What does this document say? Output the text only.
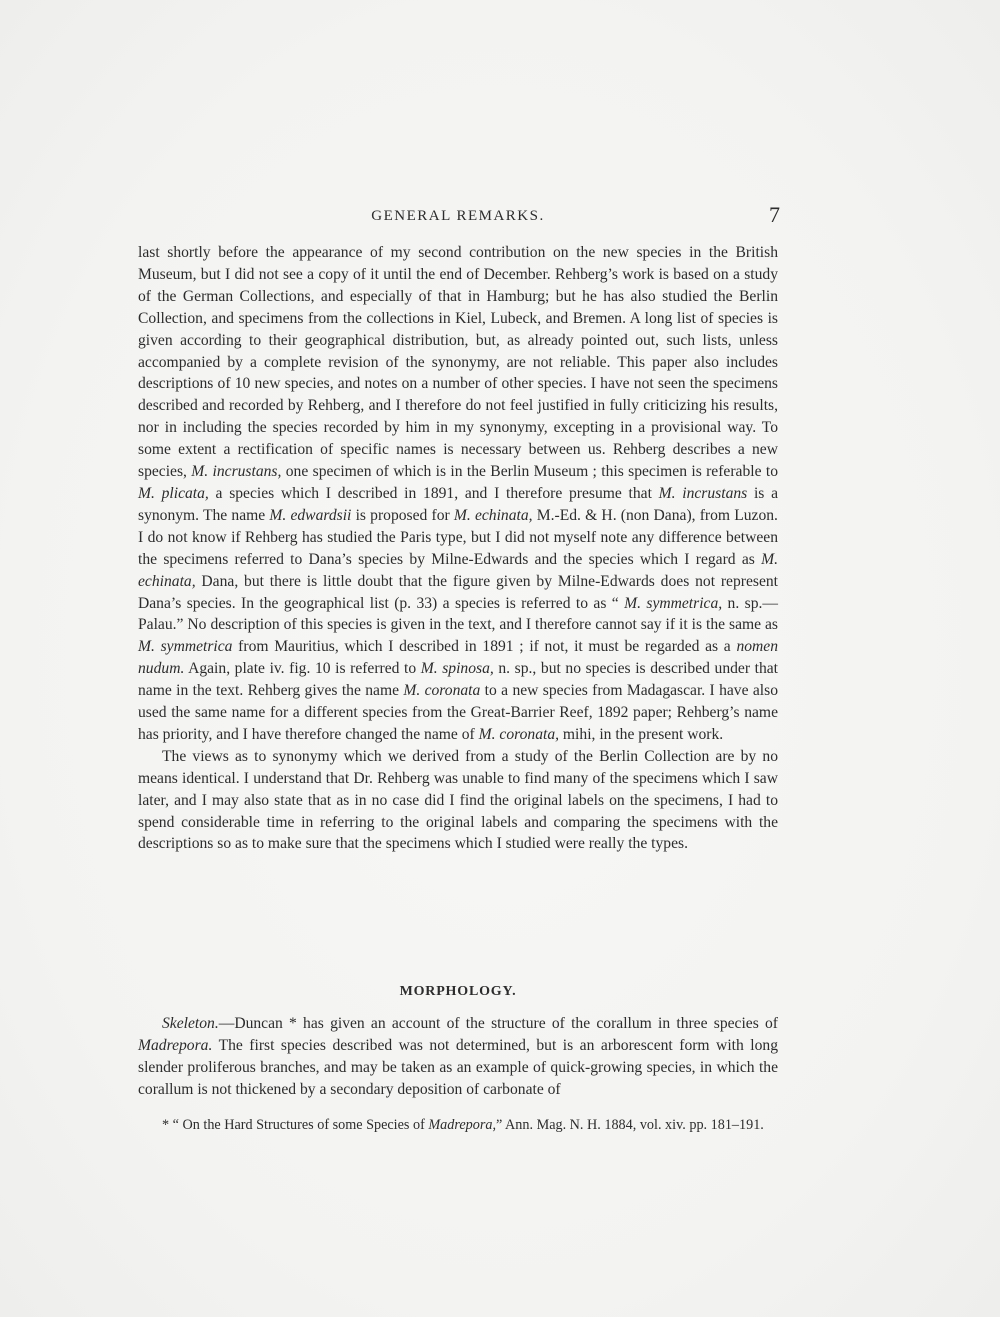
GENERAL REMARKS.	7

last shortly before the appearance of my second contribution on the new species in the British Museum, but I did not see a copy of it until the end of December. Rehberg’s work is based on a study of the German Collections, and especially of that in Hamburg; but he has also studied the Berlin Collection, and specimens from the collections in Kiel, Lubeck, and Bremen. A long list of species is given according to their geographical distribution, but, as already pointed out, such lists, unless accompanied by a complete revision of the synonymy, are not reliable. This paper also includes descriptions of 10 new species, and notes on a number of other species. I have not seen the specimens described and recorded by Rehberg, and I therefore do not feel justified in fully criticizing his results, nor in including the species recorded by him in my synonymy, excepting in a provisional way. To some extent a rectification of specific names is necessary between us. Rehberg describes a new species, M. incrustans, one specimen of which is in the Berlin Museum ; this specimen is referable to M. plicata, a species which I described in 1891, and I therefore presume that M. incrustans is a synonym. The name M. edwardsii is proposed for M. echinata, M.-Ed. & H. (non Dana), from Luzon. I do not know if Rehberg has studied the Paris type, but I did not myself note any difference between the specimens referred to Dana’s species by Milne-Edwards and the species which I regard as M. echinata, Dana, but there is little doubt that the figure given by Milne-Edwards does not represent Dana’s species. In the geographical list (p. 33) a species is referred to as “ M. symmetrica, n. sp.—Palau.” No description of this species is given in the text, and I therefore cannot say if it is the same as M. symmetrica from Mauritius, which I described in 1891 ; if not, it must be regarded as a nomen nudum. Again, plate iv. fig. 10 is referred to M. spinosa, n. sp., but no species is described under that name in the text. Rehberg gives the name M. coronata to a new species from Madagascar. I have also used the same name for a different species from the Great-Barrier Reef, 1892 paper; Rehberg’s name has priority, and I have therefore changed the name of M. coronata, mihi, in the present work.

The views as to synonymy which we derived from a study of the Berlin Collection are by no means identical. I understand that Dr. Rehberg was unable to find many of the specimens which I saw later, and I may also state that as in no case did I find the original labels on the specimens, I had to spend considerable time in referring to the original labels and comparing the specimens with the descriptions so as to make sure that the specimens which I studied were really the types.

MORPHOLOGY.

Skeleton.—Duncan * has given an account of the structure of the corallum in three species of Madrepora. The first species described was not determined, but is an arborescent form with long slender proliferous branches, and may be taken as an example of quick-growing species, in which the corallum is not thickened by a secondary deposition of carbonate of

* “ On the Hard Structures of some Species of Madrepora,” Ann. Mag. N. H. 1884, vol. xiv. pp. 181–191.
